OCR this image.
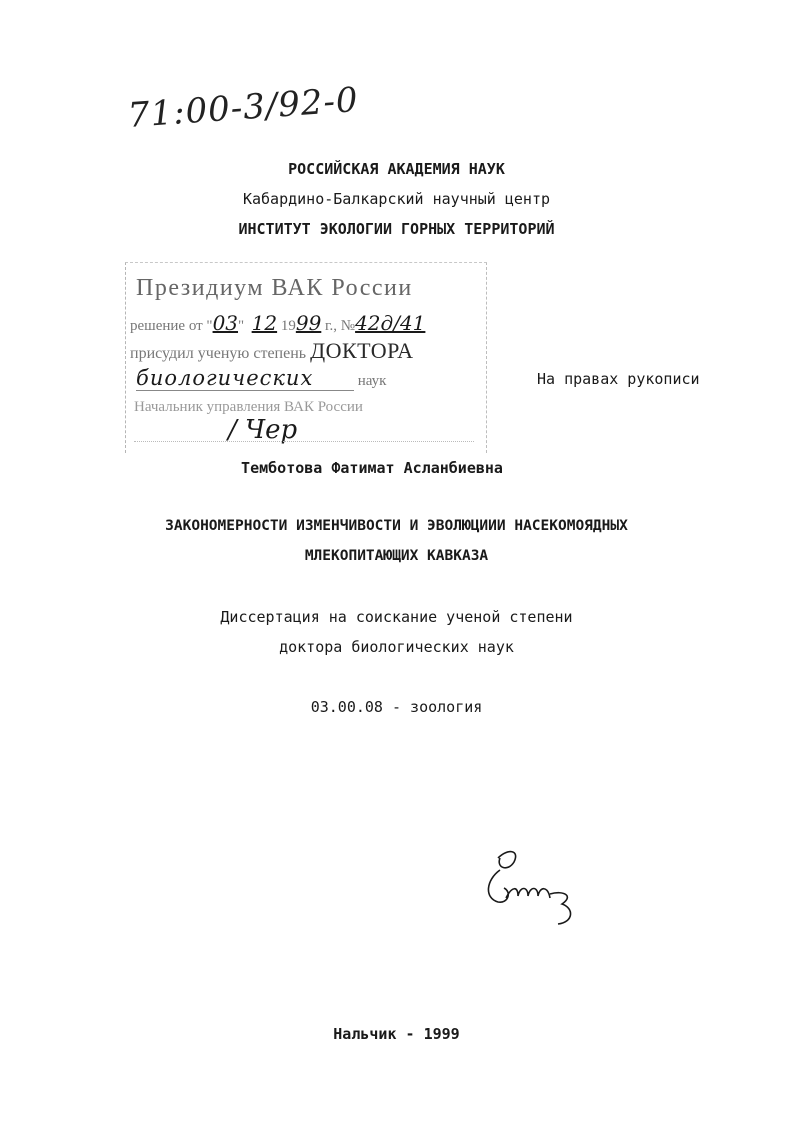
71:00-3/92-0
РОССИЙСКАЯ АКАДЕМИЯ НАУК
Кабардино-Балкарский научный центр
ИНСТИТУТ ЭКОЛОГИИ ГОРНЫХ ТЕРРИТОРИЙ
Президиум ВАК России
решение от "03" 12 1999 г., №42д/41
присудил ученую степень ДОКТОРА
биологических	наук
Начальник управления ВАК России
/ Чер
На правах рукописи
Темботова Фатимат Асланбиевна
ЗАКОНОМЕРНОСТИ ИЗМЕНЧИВОСТИ И ЭВОЛЮЦИИИ НАСЕКОМОЯДНЫХ
МЛЕКОПИТАЮЩИХ КАВКАЗА
Диссертация на соискание ученой степени
доктора биологических наук
03.00.08 - зоология
Нальчик - 1999
